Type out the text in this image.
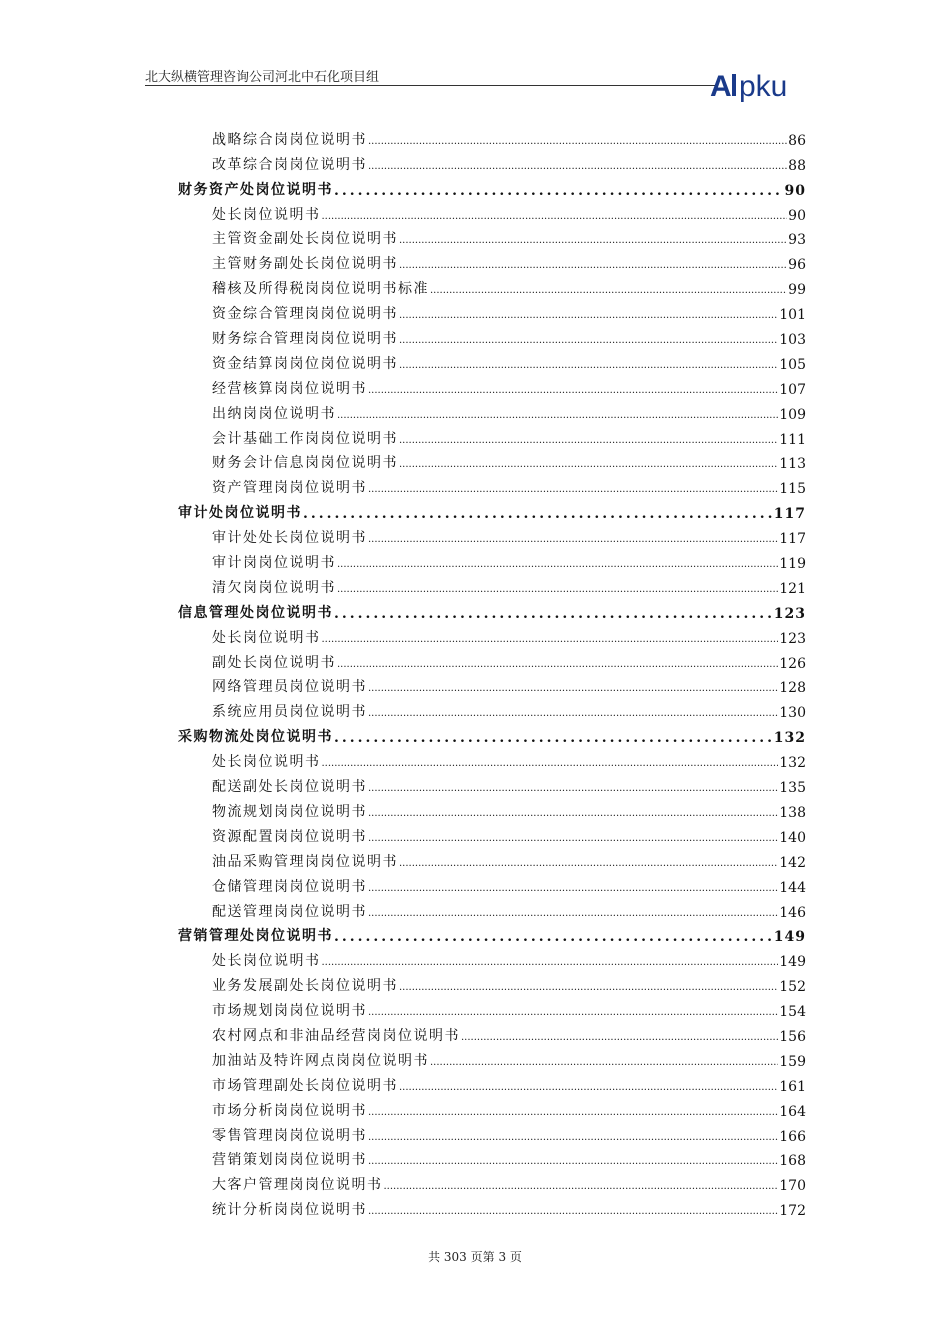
北大纵横管理咨询公司河北中石化项目组	A pku
战略综合岗岗位说明书 .....	86
改革综合岗岗位说明书 .....	88
财务资产处岗位说明书 .....	90
处长岗位说明书 .....	90
主管资金副处长岗位说明书 .....	93
主管财务副处长岗位说明书 .....	96
稽核及所得税岗岗位说明书标准 .....	99
资金综合管理岗岗位说明书 .....	101
财务综合管理岗岗位说明书 .....	103
资金结算岗岗位岗位说明书 .....	105
经营核算岗岗位说明书 .....	107
出纳岗岗位说明书 .....	109
会计基础工作岗岗位说明书 .....	111
财务会计信息岗岗位说明书 .....	113
资产管理岗岗位说明书 .....	115
审计处岗位说明书 .....	117
审计处处长岗位说明书 .....	117
审计岗岗位说明书 .....	119
清欠岗岗位说明书 .....	121
信息管理处岗位说明书 .....	123
处长岗位说明书 .....	123
副处长岗位说明书 .....	126
网络管理员岗位说明书 .....	128
系统应用员岗位说明书 .....	130
采购物流处岗位说明书 .....	132
处长岗位说明书 .....	132
配送副处长岗位说明书 .....	135
物流规划岗岗位说明书 .....	138
资源配置岗岗位说明书 .....	140
油品采购管理岗岗位说明书 .....	142
仓储管理岗岗位说明书 .....	144
配送管理岗岗位说明书 .....	146
营销管理处岗位说明书 .....	149
处长岗位说明书 .....	149
业务发展副处长岗位说明书 .....	152
市场规划岗岗位说明书 .....	154
农村网点和非油品经营岗岗位说明书 .....	156
加油站及特许网点岗岗位说明书 .....	159
市场管理副处长岗位说明书 .....	161
市场分析岗岗位说明书 .....	164
零售管理岗岗位说明书 .....	166
营销策划岗岗位说明书 .....	168
大客户管理岗岗位说明书 .....	170
统计分析岗岗位说明书 .....	172
共 303 页第 3 页
